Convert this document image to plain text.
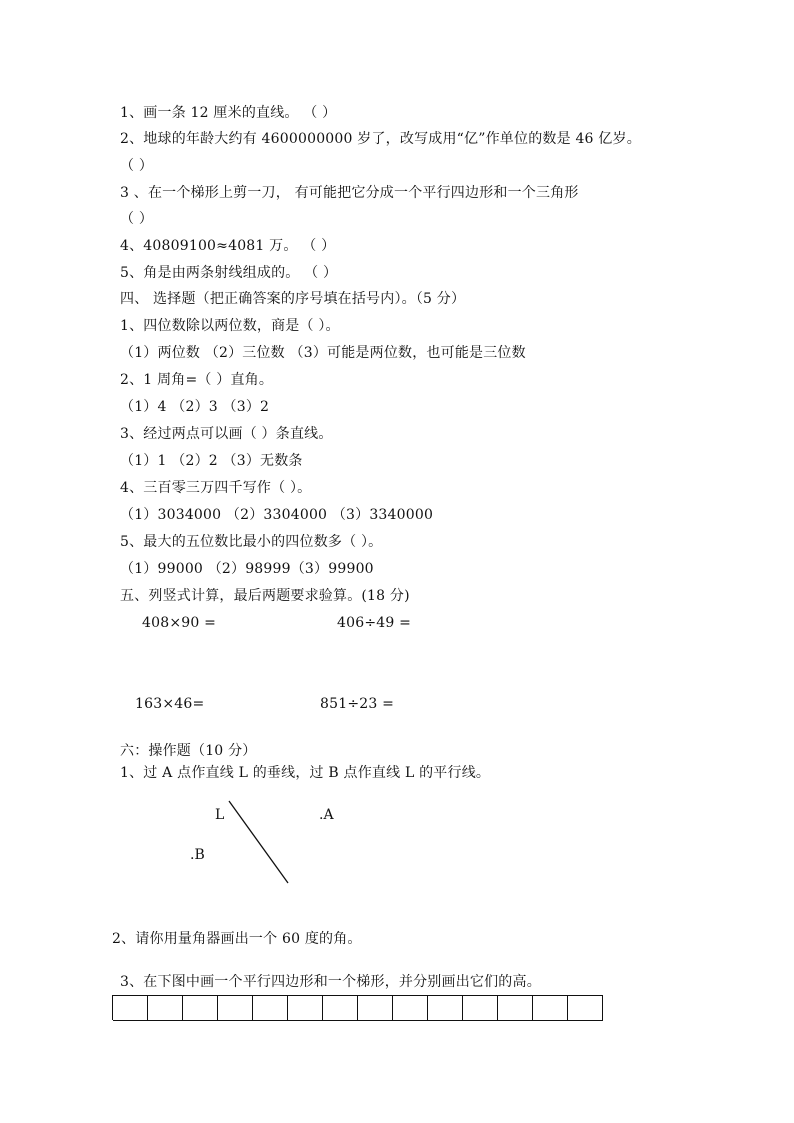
1、画一条 12 厘米的直线。 （ ）
2、地球的年龄大约有 4600000000 岁了，改写成用“亿”作单位的数是 46 亿岁。
（ ）
3 、在一个梯形上剪一刀， 有可能把它分成一个平行四边形和一个三角形
（ ）
4、40809100≈4081 万。 （ ）
5、角是由两条射线组成的。 （ ）
四、 选择题（把正确答案的序号填在括号内）。（5 分）
1、四位数除以两位数，商是（ ）。
（1）两位数 （2）三位数 （3）可能是两位数，也可能是三位数
2、1 周角=（ ）直角。
（1）4 （2）3 （3）2
3、经过两点可以画（ ）条直线。
（1）1 （2）2 （3）无数条
4、三百零三万四千写作（ ）。
（1）3034000 （2）3304000 （3）3340000
5、最大的五位数比最小的四位数多（ ）。
（1）99000 （2）98999（3）99900
五、列竖式计算，最后两题要求验算。(18 分)
408×90 =	406÷49 =
163×46=	851÷23 =
六：操作题（10 分）
1、过 A 点作直线 L 的垂线，过 B 点作直线 L 的平行线。
L	.A
.B
2、请你用量角器画出一个 60 度的角。
3、在下图中画一个平行四边形和一个梯形，并分别画出它们的高。
